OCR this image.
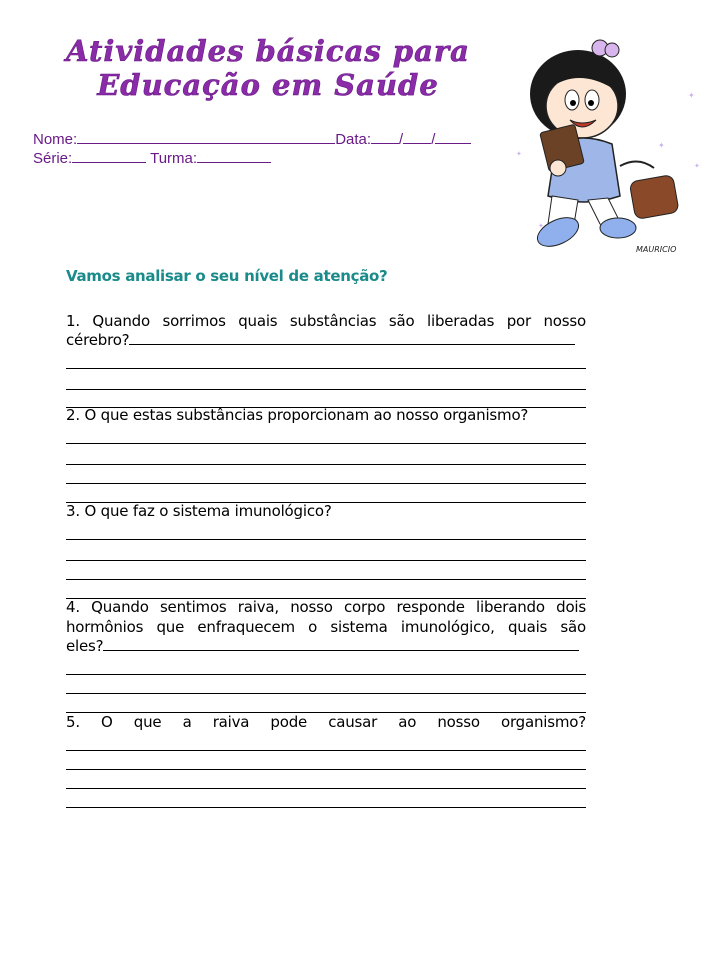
Atividades básicas para
Educação em Saúde
Nome:	Data: / /
Série:	Turma:
✦
✦
✦
✦
✦
MAURICIO
Vamos analisar o seu nível de atenção?
1. Quando sorrimos quais substâncias são liberadas por nosso
cérebro?
2. O que estas substâncias proporcionam ao nosso organismo?
3. O que faz o sistema imunológico?
4. Quando sentimos raiva, nosso corpo responde liberando dois
hormônios que enfraquecem o sistema imunológico, quais são
eles?
5. O que a raiva pode causar ao nosso organismo?
